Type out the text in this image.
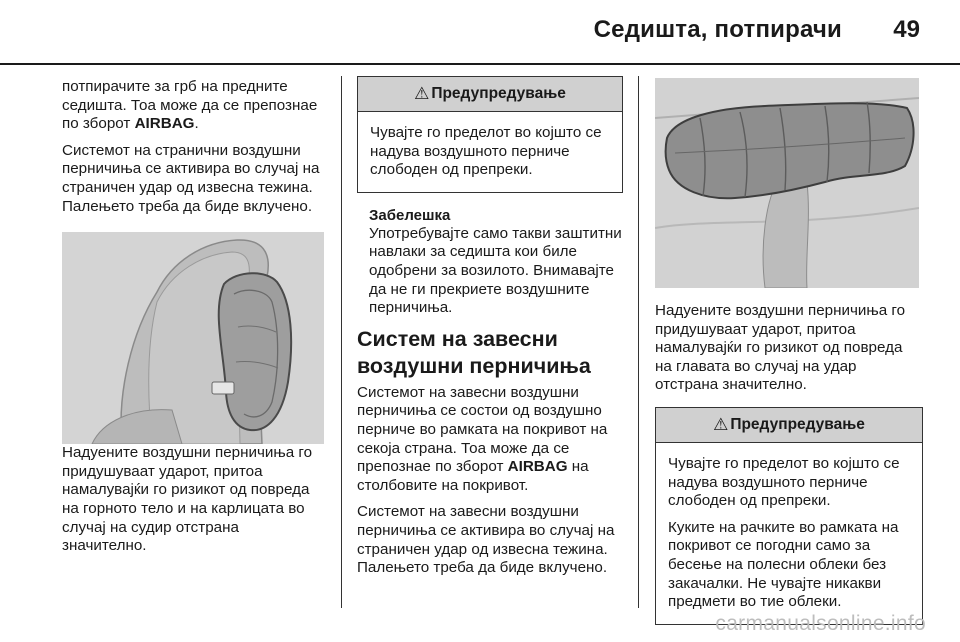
Седишта, потпирачи 49

потпирачите за грб на предните седишта. Тоа може да се препознае по зборот AIRBAG.

Системот на странични воздушни перничиња се активира во случај на страничен удар од извесна тежина. Палењето треба да биде вклучено.

Надуените воздушни перничиња го придушуваат ударот, притоа намалувајќи го ризикот од повреда на горното тело и на карлицата во случај на судир отстрана значително.

⚠ Предупредување

Чувајте го пределот во којшто се надува воздушното перниче слободен од препреки.

Забелешка

Употребувајте само такви заштитни навлаки за седишта кои биле одобрени за возилото. Внимавајте да не ги прекриете воздушните перничиња.

Систем на завесни воздушни перничиња

Системот на завесни воздушни перничиња се состои од воздушно перниче во рамката на покривот на секоја страна. Тоа може да се препознае по зборот AIRBAG на столбовите на покривот.

Системот на завесни воздушни перничиња се активира во случај на страничен удар од извесна тежина. Палењето треба да биде вклучено.

Надуените воздушни перничиња го придушуваат ударот, притоа намалувајќи го ризикот од повреда на главата во случај на удар отстрана значително.

⚠ Предупредување

Чувајте го пределот во којшто се надува воздушното перниче слободен од препреки.

Куките на рачките во рамката на покривот се погодни само за бесење на полесни облеки без закачалки. Не чувајте никакви предмети во тие облеки.

carmanualsonline.info
